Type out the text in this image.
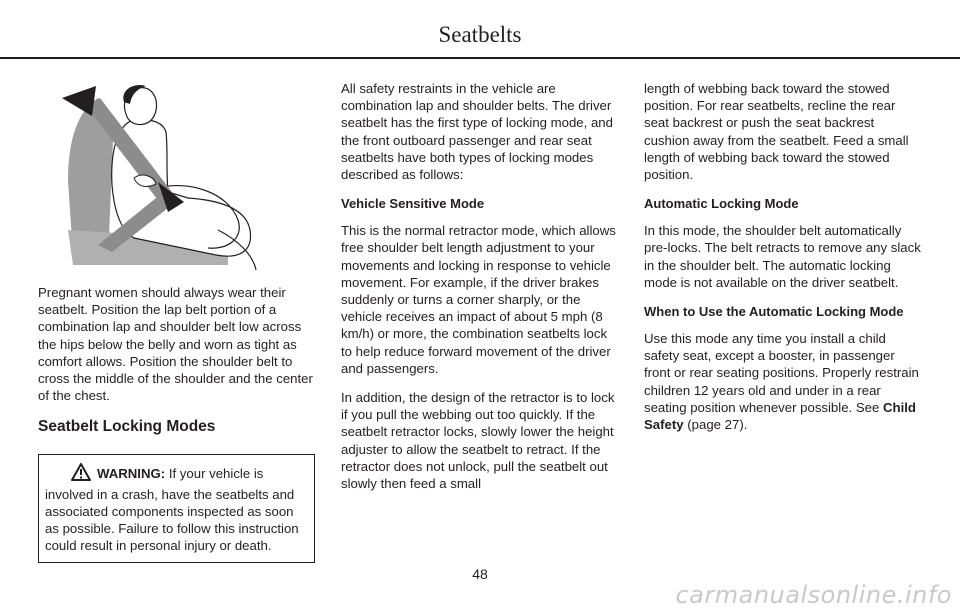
Seatbelts

Pregnant women should always wear their seatbelt. Position the lap belt portion of a combination lap and shoulder belt low across the hips below the belly and worn as tight as comfort allows. Position the shoulder belt to cross the middle of the shoulder and the center of the chest.

Seatbelt Locking Modes
WARNING: If your vehicle is involved in a crash, have the seatbelts and associated components inspected as soon as possible. Failure to follow this instruction could result in personal injury or death.

All safety restraints in the vehicle are combination lap and shoulder belts. The driver seatbelt has the first type of locking mode, and the front outboard passenger and rear seat seatbelts have both types of locking modes described as follows:

Vehicle Sensitive Mode

This is the normal retractor mode, which allows free shoulder belt length adjustment to your movements and locking in response to vehicle movement. For example, if the driver brakes suddenly or turns a corner sharply, or the vehicle receives an impact of about 5 mph (8 km/h) or more, the combination seatbelts lock to help reduce forward movement of the driver and passengers.

In addition, the design of the retractor is to lock if you pull the webbing out too quickly. If the seatbelt retractor locks, slowly lower the height adjuster to allow the seatbelt to retract. If the retractor does not unlock, pull the seatbelt out slowly then feed a small

length of webbing back toward the stowed position. For rear seatbelts, recline the rear seat backrest or push the seat backrest cushion away from the seatbelt. Feed a small length of webbing back toward the stowed position.

Automatic Locking Mode

In this mode, the shoulder belt automatically pre-locks. The belt retracts to remove any slack in the shoulder belt. The automatic locking mode is not available on the driver seatbelt.

When to Use the Automatic Locking Mode

Use this mode any time you install a child safety seat, except a booster, in passenger front or rear seating positions. Properly restrain children 12 years old and under in a rear seating position whenever possible. See Child Safety (page 27).

48
carmanualsonline.info
